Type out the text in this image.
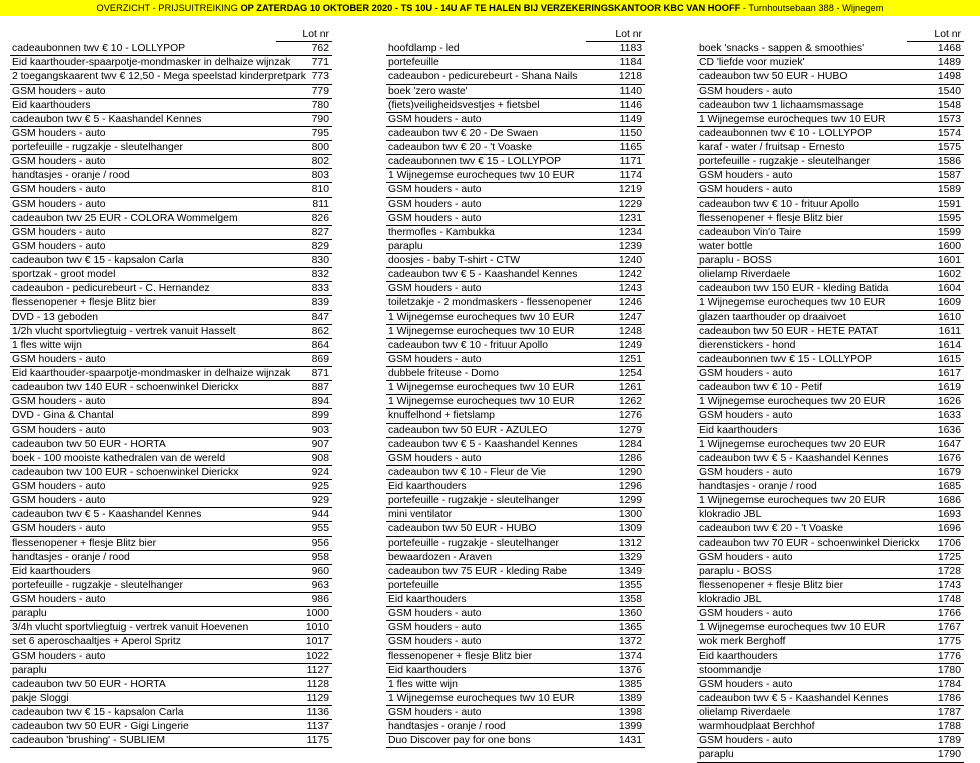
OVERZICHT - PRIJSUITREIKING OP ZATERDAG 10 OKTOBER 2020 - TS 10U - 14U AF TE HALEN BIJ VERZEKERINGSKANTOOR KBC VAN HOOFF - Turnhoutsebaan 388 - Wijnegem
	Lot nr
cadeaubonnen twv € 10 - LOLLYPOP	762
Eid kaarthouder-spaarpotje-mondmasker in delhaize wijnzak	771
2 toegangskaarent twv € 12,50 - Mega speelstad kinderpretpark	773
GSM houders - auto	779
Eid kaarthouders	780
cadeaubon twv € 5 - Kaashandel Kennes	790
GSM houders - auto	795
portefeuille - rugzakje - sleutelhanger	800
GSM houders - auto	802
handtasjes - oranje / rood	803
GSM houders - auto	810
GSM houders - auto	811
cadeaubon twv 25 EUR - COLORA Wommelgem	826
GSM houders - auto	827
GSM houders - auto	829
cadeaubon twv € 15 - kapsalon Carla	830
sportzak - groot model	832
cadeaubon - pedicurebeurt - C. Hernandez	833
flessenopener + flesje Blitz bier	839
DVD - 13 geboden	847
1/2h vlucht sportvliegtuig - vertrek vanuit Hasselt	862
1 fles witte wijn	864
GSM houders - auto	869
Eid kaarthouder-spaarpotje-mondmasker in delhaize wijnzak	871
cadeaubon twv 140 EUR - schoenwinkel Dierickx	887
GSM houders - auto	894
DVD - Gina & Chantal	899
GSM houders - auto	903
cadeaubon twv 50 EUR - HORTA	907
boek - 100 mooiste kathedralen van de wereld	908
cadeaubon twv 100 EUR - schoenwinkel Dierickx	924
GSM houders - auto	925
GSM houders - auto	929
cadeaubon twv € 5 - Kaashandel Kennes	944
GSM houders - auto	955
flessenopener + flesje Blitz bier	956
handtasjes - oranje / rood	958
Eid kaarthouders	960
portefeuille - rugzakje - sleutelhanger	963
GSM houders - auto	986
paraplu	1000
3/4h vlucht sportvliegtuig - vertrek vanuit Hoevenen	1010
set 6 aperoschaaltjes + Aperol Spritz	1017
GSM houders - auto	1022
paraplu	1127
cadeaubon twv 50 EUR - HORTA	1128
pakje Sloggi	1129
cadeaubon twv € 15 - kapsalon Carla	1136
cadeaubon twv 50 EUR - Gigi Lingerie	1137
cadeaubon 'brushing' - SUBLIEM	1175
	Lot nr
hoofdlamp - led	1183
portefeuille	1184
cadeaubon - pedicurebeurt - Shana Nails	1218
boek 'zero waste'	1140
(fiets)veiligheidsvestjes + fietsbel	1146
GSM houders - auto	1149
cadeaubon twv € 20 - De Swaen	1150
cadeaubon twv € 20 - 't Voaske	1165
cadeaubonnen twv € 15 - LOLLYPOP	1171
1 Wijnegemse eurocheques twv 10 EUR	1174
GSM houders - auto	1219
GSM houders - auto	1229
GSM houders - auto	1231
thermofles - Kambukka	1234
paraplu	1239
doosjes - baby T-shirt - CTW	1240
cadeaubon twv € 5 - Kaashandel Kennes	1242
GSM houders - auto	1243
toiletzakje - 2 mondmaskers - flessenopener	1246
1 Wijnegemse eurocheques twv 10 EUR	1247
1 Wijnegemse eurocheques twv 10 EUR	1248
cadeaubon twv € 10 - frituur Apollo	1249
GSM houders - auto	1251
dubbele friteuse - Domo	1254
1 Wijnegemse eurocheques twv 10 EUR	1261
1 Wijnegemse eurocheques twv 10 EUR	1262
knuffelhond + fietslamp	1276
cadeaubon twv 50 EUR - AZULEO	1279
cadeaubon twv € 5 - Kaashandel Kennes	1284
GSM houders - auto	1286
cadeaubon twv € 10 - Fleur de Vie	1290
Eid kaarthouders	1296
portefeuille - rugzakje - sleutelhanger	1299
mini ventilator	1300
cadeaubon twv 50 EUR - HUBO	1309
portefeuille - rugzakje - sleutelhanger	1312
bewaardozen - Araven	1329
cadeaubon twv 75 EUR - kleding Rabe	1349
portefeuille	1355
Eid kaarthouders	1358
GSM houders - auto	1360
GSM houders - auto	1365
GSM houders - auto	1372
flessenopener + flesje Blitz bier	1374
Eid kaarthouders	1376
1 fles witte wijn	1385
1 Wijnegemse eurocheques twv 10 EUR	1389
GSM houders - auto	1398
handtasjes - oranje / rood	1399
Duo Discover pay for one bons	1431
	Lot nr
boek 'snacks - sappen & smoothies'	1468
CD 'liefde voor muziek'	1489
cadeaubon twv 50 EUR - HUBO	1498
GSM houders - auto	1540
cadeaubon twv 1 lichaamsmassage	1548
1 Wijnegemse eurocheques twv 10 EUR	1573
cadeaubonnen twv € 10 - LOLLYPOP	1574
karaf - water / fruitsap - Ernesto	1575
portefeuille - rugzakje - sleutelhanger	1586
GSM houders - auto	1587
GSM houders - auto	1589
cadeaubon twv € 10 - frituur Apollo	1591
flessenopener + flesje Blitz bier	1595
cadeaubon Vin'o Taire	1599
water bottle	1600
paraplu - BOSS	1601
olielamp Riverdaele	1602
cadeaubon twv 150 EUR - kleding Batida	1604
1 Wijnegemse eurocheques twv 10 EUR	1609
glazen taarthouder op draaivoet	1610
cadeaubon twv 50 EUR - HETE PATAT	1611
dierenstickers - hond	1614
cadeaubonnen twv € 15 - LOLLYPOP	1615
GSM houders - auto	1617
cadeaubon twv € 10 - Petif	1619
1 Wijnegemse eurocheques twv 20 EUR	1626
GSM houders - auto	1633
Eid kaarthouders	1636
1 Wijnegemse eurocheques twv 20 EUR	1647
cadeaubon twv € 5 - Kaashandel Kennes	1676
GSM houders - auto	1679
handtasjes - oranje / rood	1685
1 Wijnegemse eurocheques twv 20 EUR	1686
klokradio JBL	1693
cadeaubon twv € 20 - 't Voaske	1696
cadeaubon twv 70 EUR - schoenwinkel Dierickx	1706
GSM houders - auto	1725
paraplu - BOSS	1728
flessenopener + flesje Blitz bier	1743
klokradio JBL	1748
GSM houders - auto	1766
1 Wijnegemse eurocheques twv 10 EUR	1767
wok merk Berghoff	1775
Eid kaarthouders	1776
stoommandje	1780
GSM houders - auto	1784
cadeaubon twv € 5 - Kaashandel Kennes	1786
olielamp Riverdaele	1787
warmhoudplaat Berchhof	1788
GSM houders - auto	1789
paraplu	1790
